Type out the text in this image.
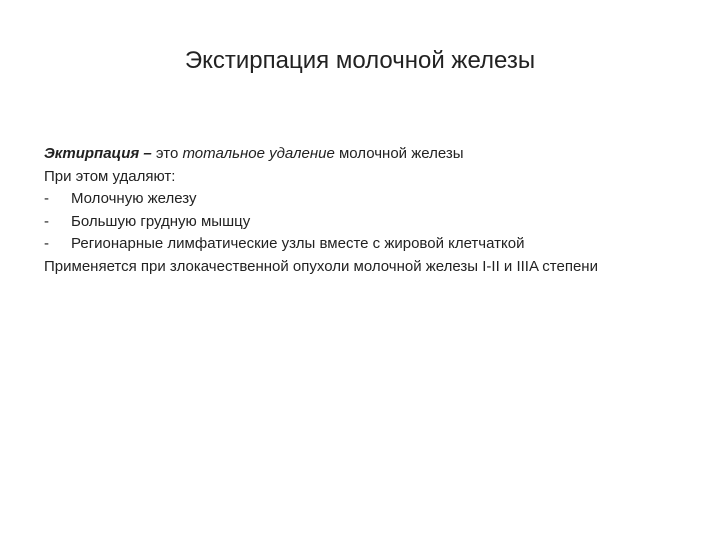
Экстирпация молочной железы
Эктирпация – это тотальное удаление молочной железы
При этом удаляют:
-	Молочную железу
-	Большую грудную мышцу
-	Регионарные лимфатические узлы вместе с жировой клетчаткой
Применяется при злокачественной опухоли молочной железы I-II и IIIA степени
